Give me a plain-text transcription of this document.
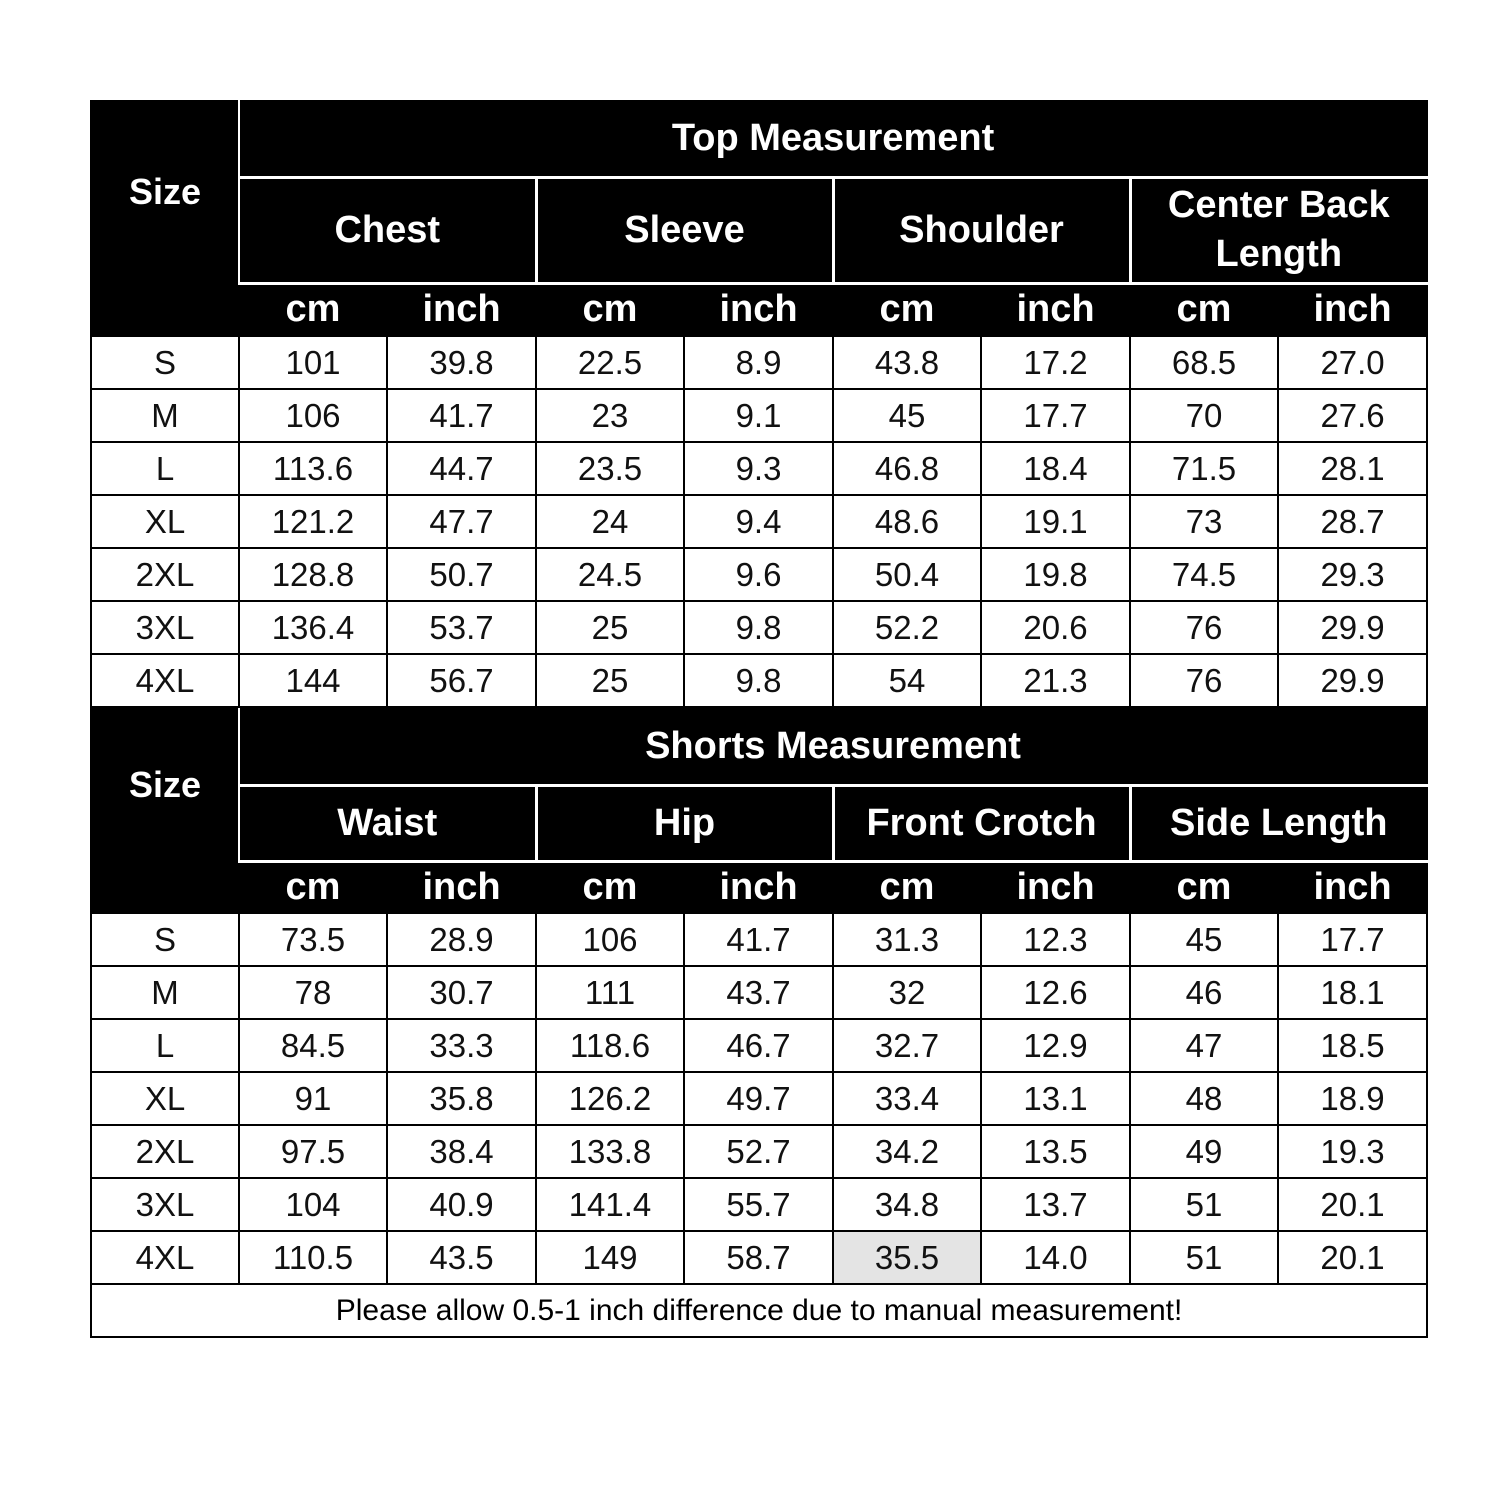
Size	Top Measurement							
	Chest		Sleeve		Shoulder		Center Back Length	
	cm	inch	cm	inch	cm	inch	cm	inch
S	101	39.8	22.5	8.9	43.8	17.2	68.5	27.0
M	106	41.7	23	9.1	45	17.7	70	27.6
L	113.6	44.7	23.5	9.3	46.8	18.4	71.5	28.1
XL	121.2	47.7	24	9.4	48.6	19.1	73	28.7
2XL	128.8	50.7	24.5	9.6	50.4	19.8	74.5	29.3
3XL	136.4	53.7	25	9.8	52.2	20.6	76	29.9
4XL	144	56.7	25	9.8	54	21.3	76	29.9
Size	Shorts Measurement							
	Waist		Hip		Front Crotch		Side Length	
	cm	inch	cm	inch	cm	inch	cm	inch
S	73.5	28.9	106	41.7	31.3	12.3	45	17.7
M	78	30.7	111	43.7	32	12.6	46	18.1
L	84.5	33.3	118.6	46.7	32.7	12.9	47	18.5
XL	91	35.8	126.2	49.7	33.4	13.1	48	18.9
2XL	97.5	38.4	133.8	52.7	34.2	13.5	49	19.3
3XL	104	40.9	141.4	55.7	34.8	13.7	51	20.1
4XL	110.5	43.5	149	58.7	35.5	14.0	51	20.1
Please allow 0.5-1 inch difference due to manual measurement!								
